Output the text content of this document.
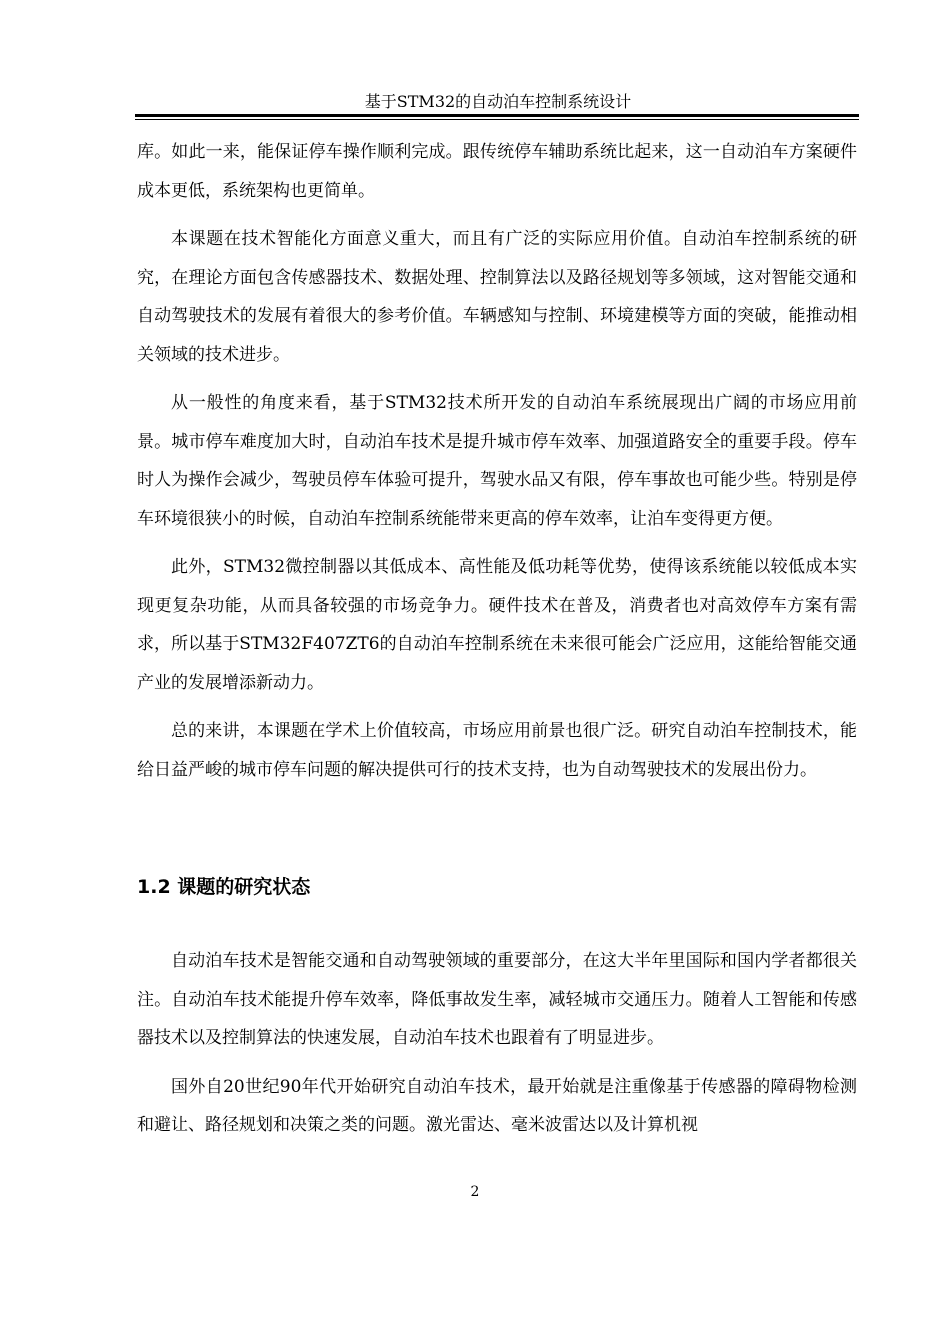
基于STM32的自动泊车控制系统设计

库。如此一来，能保证停车操作顺利完成。跟传统停车辅助系统比起来，这一自动泊车方案硬件成本更低，系统架构也更简单。

本课题在技术智能化方面意义重大，而且有广泛的实际应用价值。自动泊车控制系统的研究，在理论方面包含传感器技术、数据处理、控制算法以及路径规划等多领域，这对智能交通和自动驾驶技术的发展有着很大的参考价值。车辆感知与控制、环境建模等方面的突破，能推动相关领域的技术进步。

从一般性的角度来看，基于STM32技术所开发的自动泊车系统展现出广阔的市场应用前景。城市停车难度加大时，自动泊车技术是提升城市停车效率、加强道路安全的重要手段。停车时人为操作会减少，驾驶员停车体验可提升，驾驶水品又有限，停车事故也可能少些。特别是停车环境很狭小的时候，自动泊车控制系统能带来更高的停车效率，让泊车变得更方便。

此外，STM32微控制器以其低成本、高性能及低功耗等优势，使得该系统能以较低成本实现更复杂功能，从而具备较强的市场竞争力。硬件技术在普及，消费者也对高效停车方案有需求，所以基于STM32F407ZT6的自动泊车控制系统在未来很可能会广泛应用，这能给智能交通产业的发展增添新动力。

总的来讲，本课题在学术上价值较高，市场应用前景也很广泛。研究自动泊车控制技术，能给日益严峻的城市停车问题的解决提供可行的技术支持，也为自动驾驶技术的发展出份力。

1.2 课题的研究状态

自动泊车技术是智能交通和自动驾驶领域的重要部分，在这大半年里国际和国内学者都很关注。自动泊车技术能提升停车效率，降低事故发生率，减轻城市交通压力。随着人工智能和传感器技术以及控制算法的快速发展，自动泊车技术也跟着有了明显进步。

国外自20世纪90年代开始研究自动泊车技术，最开始就是注重像基于传感器的障碍物检测和避让、路径规划和决策之类的问题。激光雷达、毫米波雷达以及计算机视

2
